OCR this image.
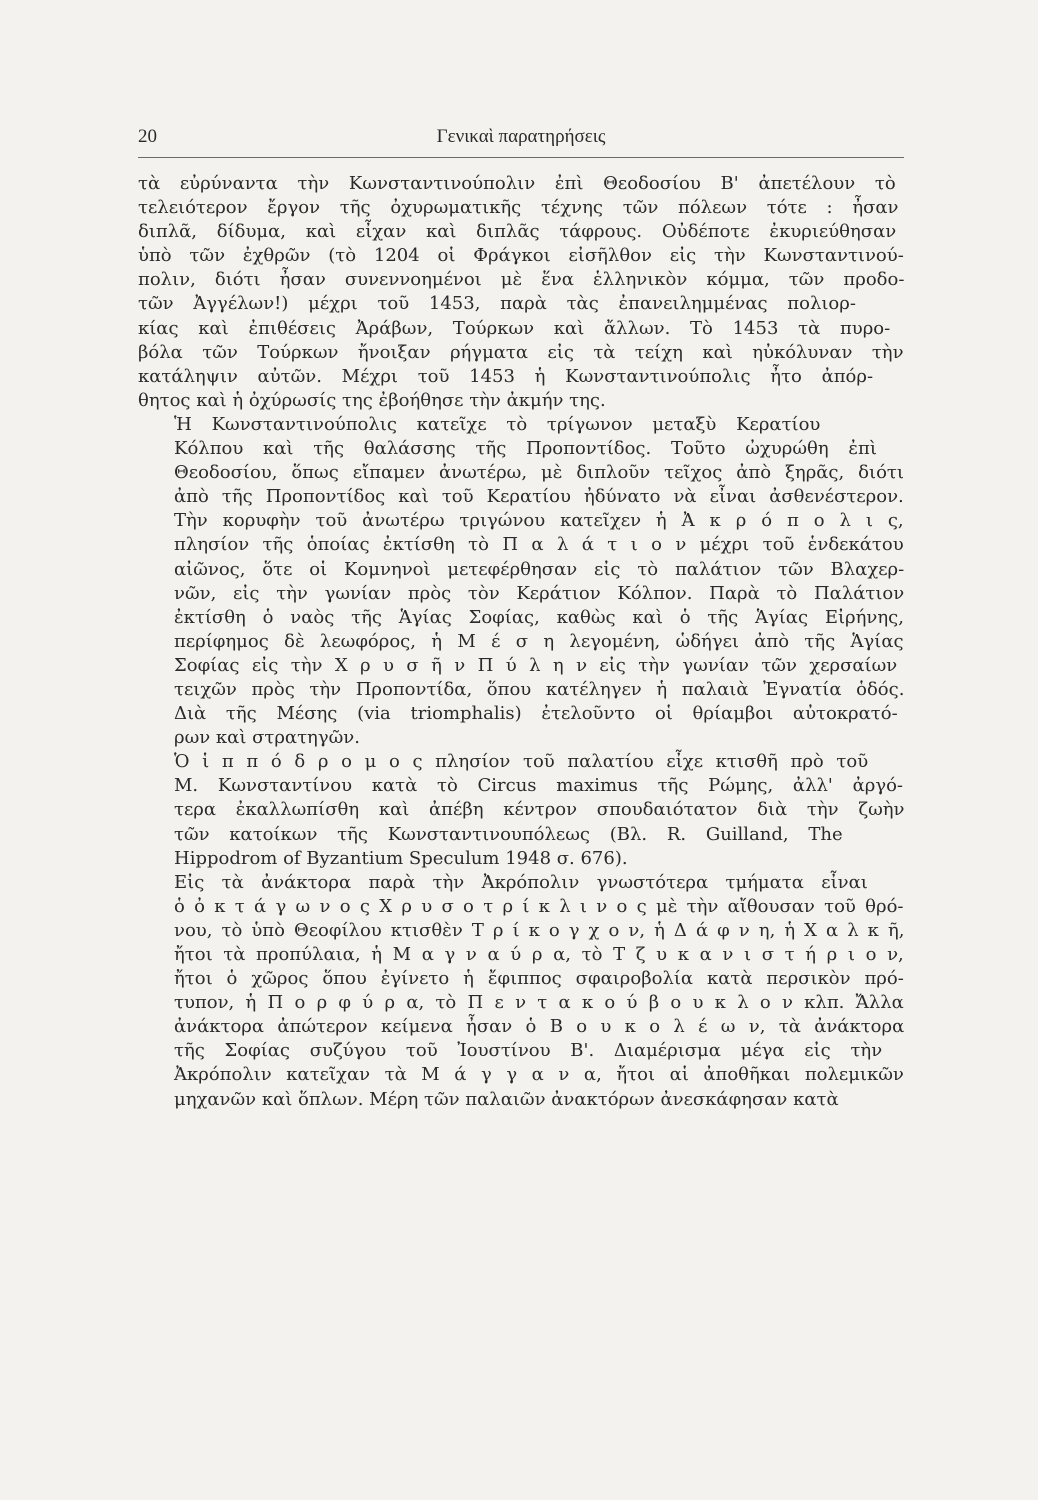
20	Γενικαὶ παρατηρήσεις

τὰ εὐρύναντα τὴν Κωνσταντινούπολιν ἐπὶ Θεοδοσίου Β' ἀπετέλουν τὸ
τελειότερον ἔργον τῆς ὀχυρωματικῆς τέχνης τῶν πόλεων τότε : ἦσαν
διπλᾶ, δίδυμα, καὶ εἶχαν καὶ διπλᾶς τάφρους. Οὐδέποτε ἐκυριεύθησαν
ὑπὸ τῶν ἐχθρῶν (τὸ 1204 οἱ Φράγκοι εἰσῆλθον εἰς τὴν Κωνσταντινού-
πολιν, διότι ἦσαν συνεννοημένοι μὲ ἕνα ἑλληνικὸν κόμμα, τῶν προδο-
τῶν Ἀγγέλων!) μέχρι τοῦ 1453, παρὰ τὰς ἐπανειλημμένας πολιορ-
κίας καὶ ἐπιθέσεις Ἀράβων, Τούρκων καὶ ἄλλων. Τὸ 1453 τὰ πυρο-
βόλα τῶν Τούρκων ἤνοιξαν ρήγματα εἰς τὰ τείχη καὶ ηὐκόλυναν τὴν
κατάληψιν αὐτῶν. Μέχρι τοῦ 1453 ἡ Κωνσταντινούπολις ἦτο ἀπόρ-
θητος καὶ ἡ ὀχύρωσίς της ἐβοήθησε τὴν ἀκμήν της.

Ἡ Κωνσταντινούπολις κατεῖχε τὸ τρίγωνον μεταξὺ Κερατίου
Κόλπου καὶ τῆς θαλάσσης τῆς Προποντίδος. Τοῦτο ὠχυρώθη ἐπὶ
Θεοδοσίου, ὅπως εἴπαμεν ἀνωτέρω, μὲ διπλοῦν τεῖχος ἀπὸ ξηρᾶς, διότι
ἀπὸ τῆς Προποντίδος καὶ τοῦ Κερατίου ἠδύνατο νὰ εἶναι ἀσθενέστερον.
Τὴν κορυφὴν τοῦ ἀνωτέρω τριγώνου κατεῖχεν ἡ Ἀ κ ρ ό π ο λ ι ς,
πλησίον τῆς ὁποίας ἐκτίσθη τὸ Π α λ ά τ ι ο ν μέχρι τοῦ ἑνδεκάτου
αἰῶνος, ὅτε οἱ Κομνηνοὶ μετεφέρθησαν εἰς τὸ παλάτιον τῶν Βλαχερ-
νῶν, εἰς τὴν γωνίαν πρὸς τὸν Κεράτιον Κόλπον. Παρὰ τὸ Παλάτιον
ἐκτίσθη ὁ ναὸς τῆς Ἁγίας Σοφίας, καθὼς καὶ ὁ τῆς Ἁγίας Εἰρήνης,
περίφημος δὲ λεωφόρος, ἡ Μ έ σ η λεγομένη, ὡδήγει ἀπὸ τῆς Ἁγίας
Σοφίας εἰς τὴν Χ ρ υ σ ῆ ν Π ύ λ η ν εἰς τὴν γωνίαν τῶν χερσαίων
τειχῶν πρὸς τὴν Προποντίδα, ὅπου κατέληγεν ἡ παλαιὰ Ἐγνατία ὁδός.
Διὰ τῆς Μέσης (via triomphalis) ἐτελοῦντο οἱ θρίαμβοι αὐτοκρατό-
ρων καὶ στρατηγῶν.

Ὁ ἱ π π ό δ ρ ο μ ο ς πλησίον τοῦ παλατίου εἶχε κτισθῆ πρὸ τοῦ
Μ. Κωνσταντίνου κατὰ τὸ Circus maximus τῆς Ρώμης, ἀλλ' ἀργό-
τερα ἐκαλλωπίσθη καὶ ἀπέβη κέντρον σπουδαιότατον διὰ τὴν ζωὴν
τῶν κατοίκων τῆς Κωνσταντινουπόλεως (Βλ. R. Guilland, The
Hippodrom of Byzantium Speculum 1948 σ. 676).

Εἰς τὰ ἀνάκτορα παρὰ τὴν Ἀκρόπολιν γνωστότερα τμήματα εἶναι
ὁ ὀ κ τ ά γ ω ν ο ς Χ ρ υ σ ο τ ρ ί κ λ ι ν ο ς μὲ τὴν αἴθουσαν τοῦ θρό-
νου, τὸ ὑπὸ Θεοφίλου κτισθὲν Τ ρ ί κ ο γ χ ο ν, ἡ Δ ά φ ν η, ἡ Χ α λ κ ῆ,
ἤτοι τὰ προπύλαια, ἡ Μ α γ ν α ύ ρ α, τὸ Τ ζ υ κ α ν ι σ τ ή ρ ι ο ν,
ἤτοι ὁ χῶρος ὅπου ἐγίνετο ἡ ἔφιππος σφαιροβολία κατὰ περσικὸν πρό-
τυπον, ἡ Π ο ρ φ ύ ρ α, τὸ Π ε ν τ α κ ο ύ β ο υ κ λ ο ν κλπ. Ἄλλα
ἀνάκτορα ἀπώτερον κείμενα ἦσαν ὁ Β ο υ κ ο λ έ ω ν, τὰ ἀνάκτορα
τῆς Σοφίας συζύγου τοῦ Ἰουστίνου Β'. Διαμέρισμα μέγα εἰς τὴν
Ἀκρόπολιν κατεῖχαν τὰ Μ ά γ γ α ν α, ἤτοι αἱ ἀποθῆκαι πολεμικῶν
μηχανῶν καὶ ὅπλων. Μέρη τῶν παλαιῶν ἀνακτόρων ἀνεσκάφησαν κατὰ
